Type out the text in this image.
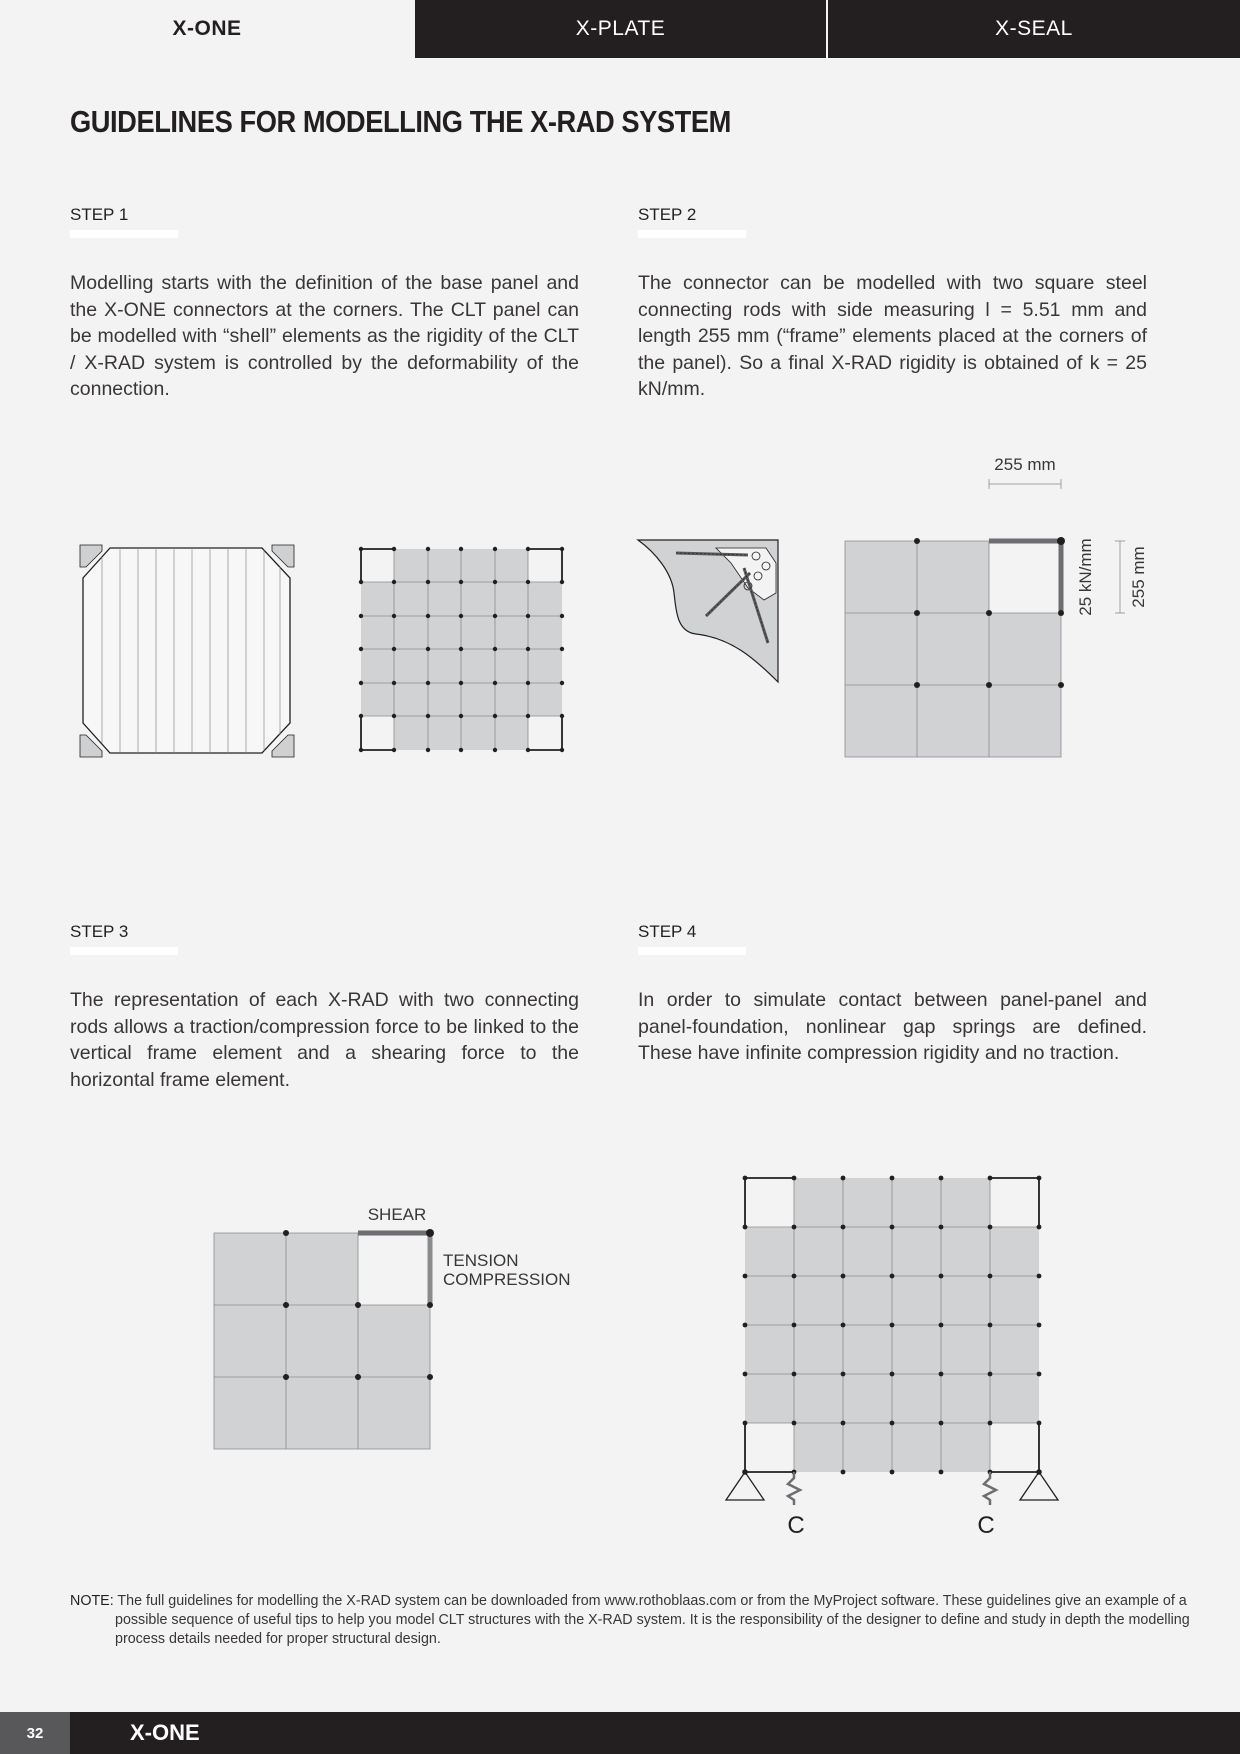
X-ONE	X-PLATE	X-SEAL
GUIDELINES FOR MODELLING THE X-RAD SYSTEM
STEP 1	STEP 2
STEP 3	STEP 4

Modelling starts with the definition of the base panel and the X-ONE connectors at the corners. The CLT panel can be modelled with “shell” elements as the rigidity of the CLT / X-RAD system is controlled by the deformability of the connection.

The connector can be modelled with two square steel connecting rods with side measuring l = 5.51 mm and length 255 mm (“frame” elements placed at the corners of the panel). So a final X-RAD rigidity is obtained of k = 25 kN/mm.

The representation of each X-RAD with two connecting rods allows a traction/compression force to be linked to the vertical frame element and a shearing force to the horizontal frame element.

In order to simulate contact between panel-panel and panel-foundation, nonlinear gap springs are defined. These have infinite compression rigidity and no traction.

255 mm
25 kN/mm 255 mm
SHEAR
TENSION
COMPRESSION
C	C

NOTE: The full guidelines for modelling the X-RAD system can be downloaded from www.rothoblaas.com or from the MyProject software. These guidelines give an example of a possible sequence of useful tips to help you model CLT structures with the X-RAD system. It is the responsibility of the designer to define and study in depth the modelling process details needed for proper structural design.

32	X-ONE
